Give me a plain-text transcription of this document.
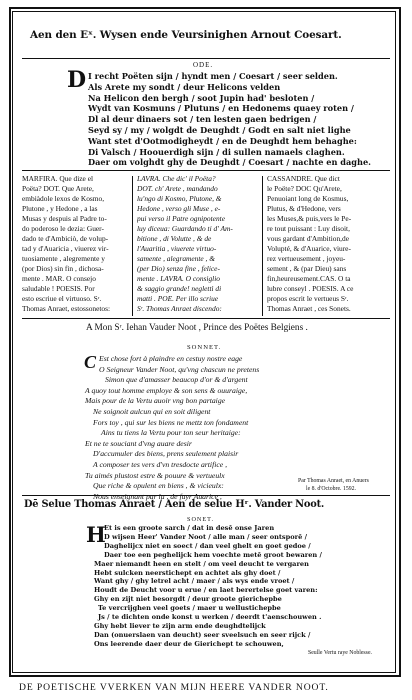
Aen den Eˣ. Wysen ende Veursinighen Arnout Coesart.
ODE.
D I recht Poëten sijn / hyndt men / Coesart / seer selden.
Als Arete my sondt / deur Helicons velden
Na Helicon den bergh / soot Jupin had' besloten /
Wydt van Kosmuns / Plutuns / en Hedonems quaey roten /
Dl al deur dinaers sot / ten lesten gaen bedrigen /
Seyd sy / my / wolgdt de Deughdt / Godt en salt niet lighe
Want stet d'Ootmodigheydt / en de Deughdt hem behaghe:
Di Valsch / Hoouerdigh sijn / di sullen namaels claghen.
Daer om volghdt ghy de Deughdt / Coesart / nachte en daghe.
MARFIRA. Que dize el
Poëta? DOT. Que Arete,
embiàdole lexos de Kosmo,
Plutone , y Hedone , a las
Musas y despuis al Padre to-
do poderoso le dezia: Guer-
dado te d'Ambiciò, de volup-
tad y d'Auaricia , viuerez vir-
tuosiamente , alegremente y
(por Dios) sin fin , dichosa-
mente . MAR. O consejo
saludable ! POESIS. Por
esto escriue el virtuoso. Sʳ.
Thomas Anraet, estossonetos:
LAVRA. Che dic' il Poëta?
DOT. ch' Arete , mandando
lu'ngo di Kosmo, Plutone, &
Hedone , verso gli Muse , e-
pui verso il Patre ognipotente
luy diceua: Guardando ti d' Am-
bitione , di Volutte , & de
l'Auaritia , viuerete virtuo-
samente , alegramente , &
(per Dio) senza fine , felice-
mente . LAVRA. O consiglio
& saggio grande! neglettì di
matti . POE. Per illo scriue
Sʳ. Thomas Anraet discendo:
CASSANDRE. Que dict
le Poëte? DOC Qu'Arete,
Penuoiant long de Kosmus,
Plutus, & d'Hedone, vers
les Muses,& puis,vers le Pe-
re tout puissant : Luy disoit,
vous gardant d'Ambition,de
Volupté, & d'Auarice, viure-
rez vertueusement , joyeu-
sement , & (par Dieu) sans
fin,heureusement.CAS. O ta
lubre conseyl . POESIS. A ce
propos escrit le vertueus Sʳ.
Thomas Anraet , ces Sonets.
A Mon Sʳ. Iehan Vauder Noot , Prince des Poëtes Belgiens .
SONNET.
C Est chose fort à plaindre en cestuy nostre eage
O Seigneur Vander Noot, qu'vng chascun ne pretens
Simon que d'amasser beaucop d'or & d'argent
A quoy tout homme employe & son sens & ouuraige,
Mais pour de la Vertu auoir vng bon partaige
Ne soignoit aulcun qui en soit diligent
Fors toy , qui sur les biens ne mettz ton fondament
Ains tu tiens la Vertu pour ton seur heritaige:
Et ne te souciant d'vng auare desir
D'accumuler des biens, prens seulement plaisir
A composer tes vers d'vn tresdocte artifice ,
Tu aimés plustost estre & pouure & vertueulx
Que riche & opulent en biens , & vicieulx:
Nous enseignant par la , de fuyr Auarice ,
Par Thomas Anraet, en Anuers
le 8. d'Octobre. 1592.
Dē Selue Thomas Anraet / Aen de selue Hʳ. Vander Noot.
SONET.
H
Et is een groote sarch / dat in desē onse Jaren
D wijsen Heer' Vander Noot / alle man / seer ontsporē /
Daghelijcx niet en soect / dan veel ghelt en goet gedoe /
Daer toe een peghelijck hem voechte metē groot bewaren /
Maer niemandt heen en stelt / om veel deucht te vergaren
Hebt sulcken neerstichept en achtet als ghy doet /
Want ghy / ghy letrel acht / maer / als wys ende vroet /
Houdt de Deucht voor u erue / en laet berertelse goet varen:
Ghy en zijt niet besorgdt / deur groote gierichepbe
Te vercrijghen veel goets / maer u wellustichepbe
Js / te dichten onde konst u werken / deerdt t'aenschouwen .
Ghy hebt liever te zijn arm ende deughdtelijck
Dan (onuerslaen van deucht) seer sveelsuch en seer rijck /
Ons leerende daer deur de Gierichept te schouwen,
Seulle Vertu raye Noblesse.
DE POETISCHE VVERKEN VAN MIJN HEERE VANDER NOOT.
